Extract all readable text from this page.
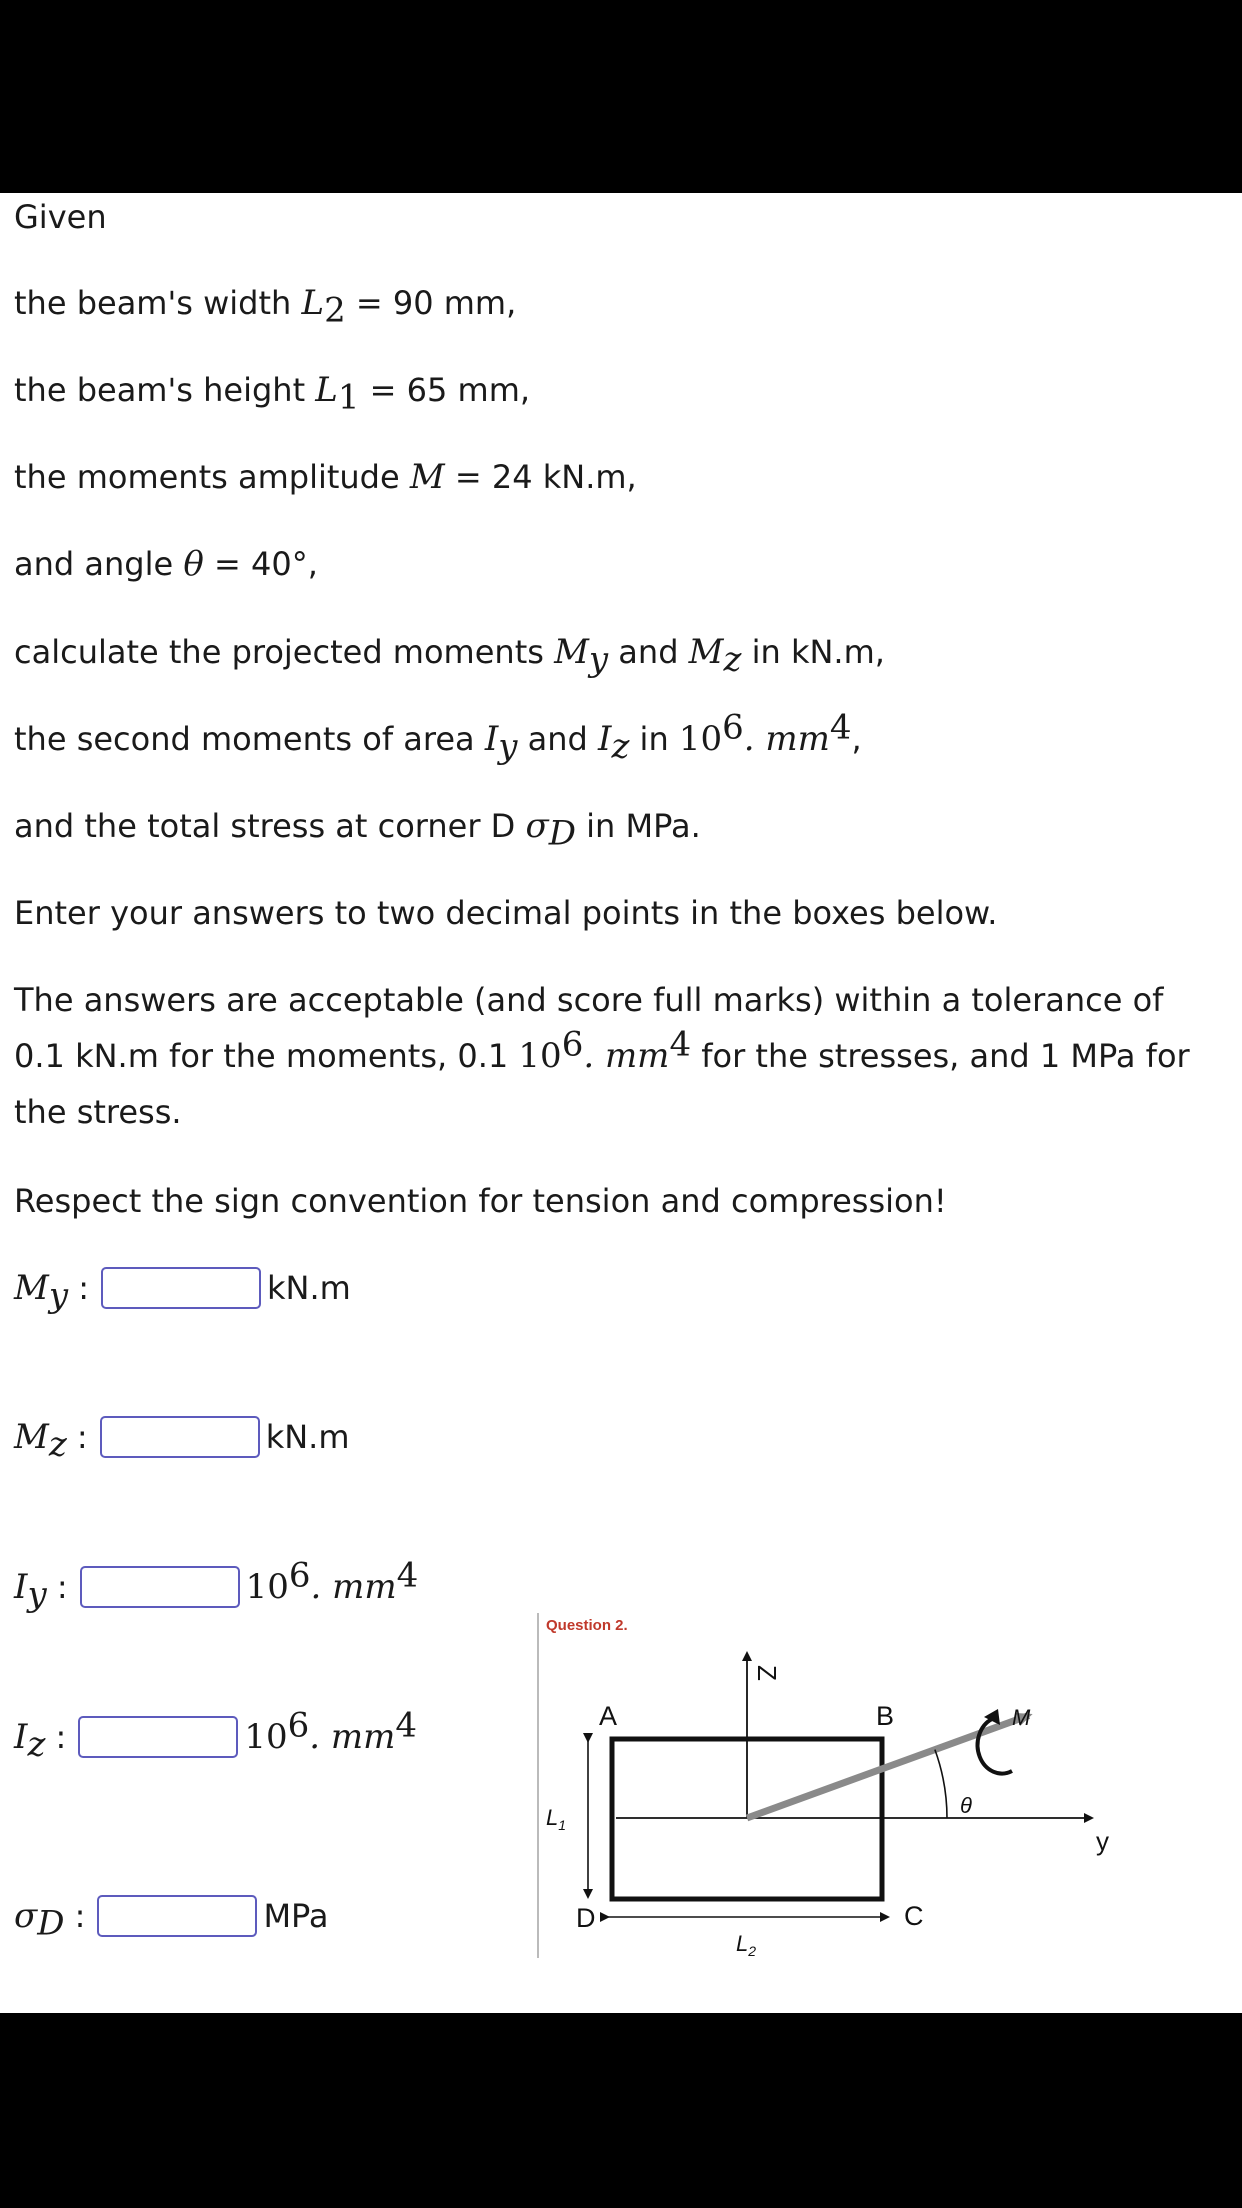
Given
the beam's width $L_2 = 90$ mm,
the beam's height $L_1 = 65$ mm,
the moments amplitude M = 24 kN.m,
and angle θ = 40°,
calculate the projected moments $M_y$ and $M_z$ in kN.m,
the second moments of area $I_y$ and $I_z$ in $10^6$. $mm^4$,
and the total stress at corner D $\sigma_D$ in MPa.
Enter your answers to two decimal points in the boxes below.
The answers are acceptable (and score full marks) within a tolerance of 0.1 kN.m for the moments, 0.1 $10^6$. $mm^4$ for the stresses, and 1 MPa for the stress.
Respect the sign convention for tension and compression!
$M_y$ :	kN.m
$M_z$ :	kN.m
$I_y$ :	$10^6$. $mm^4$
$I_z$ :	$10^6$. $mm^4$
$\sigma_D$ :	MPa
Question 2.
Z
y
A	B
C
D
$L_1$
$L_2$
θ
M
